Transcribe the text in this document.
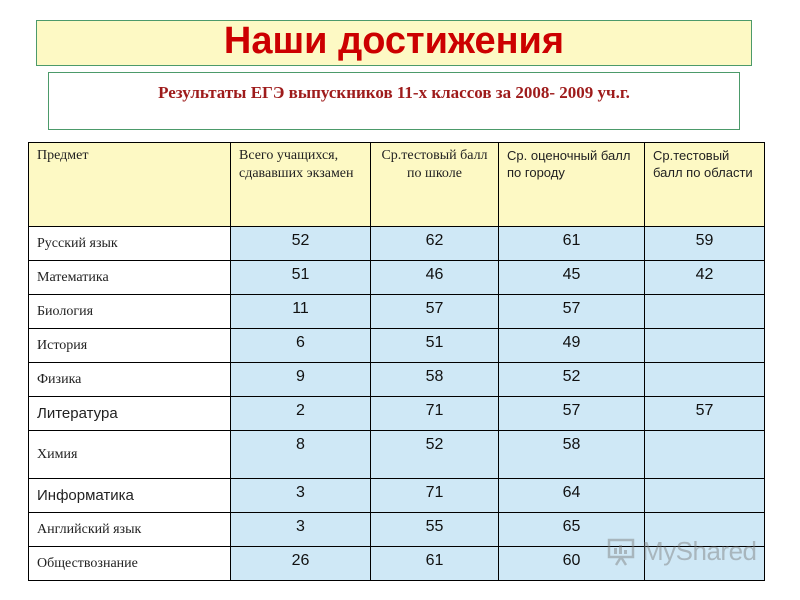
Наши достижения
Результаты ЕГЭ выпускников 11-х классов за 2008- 2009 уч.г.
Предмет	Всего учащихся, сдававших экзамен	Ср.тестовый балл по школе	Ср. оценочный балл по городу	Ср.тестовый балл по области

Русский язык	52	62	61	59

Математика	51	46	45	42

Биология	11	57	57	

История	6	51	49	

Физика	9	58	52	

Литература	2	71	57	57

Химия	8	52	58	

Информатика	3	71	64	

Английский язык	3	55	65	

Обществознание	26	61	60	
		MyShared
